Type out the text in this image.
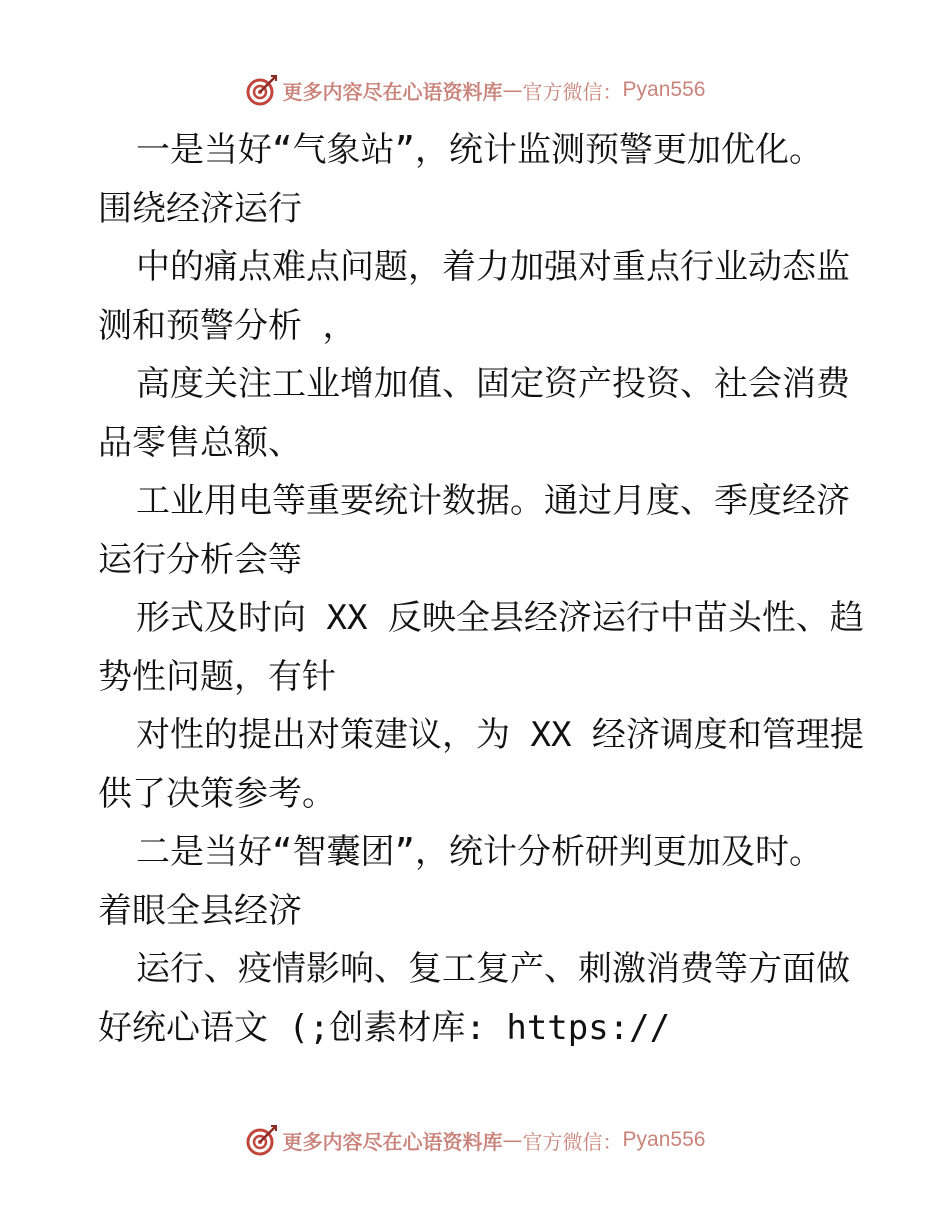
更多内容尽在心语资料库 — 官方微信： Pyan556
一是当好“气象站”，统计监测预警更加优化。
围绕经济运行
中的痛点难点问题，着力加强对重点行业动态监
测和预警分析 ，
高度关注工业增加值、固定资产投资、社会消费
品零售总额、
工业用电等重要统计数据。通过月度、季度经济
运行分析会等
形式及时向 XX 反映全县经济运行中苗头性、趋
势性问题，有针
对性的提出对策建议，为 XX 经济调度和管理提
供了决策参考。
二是当好“智囊团”，统计分析研判更加及时。
着眼全县经济
运行、疫情影响、复工复产、刺激消费等方面做
好统心语文 (;创素材库: https://
更多内容尽在心语资料库 — 官方微信： Pyan556
